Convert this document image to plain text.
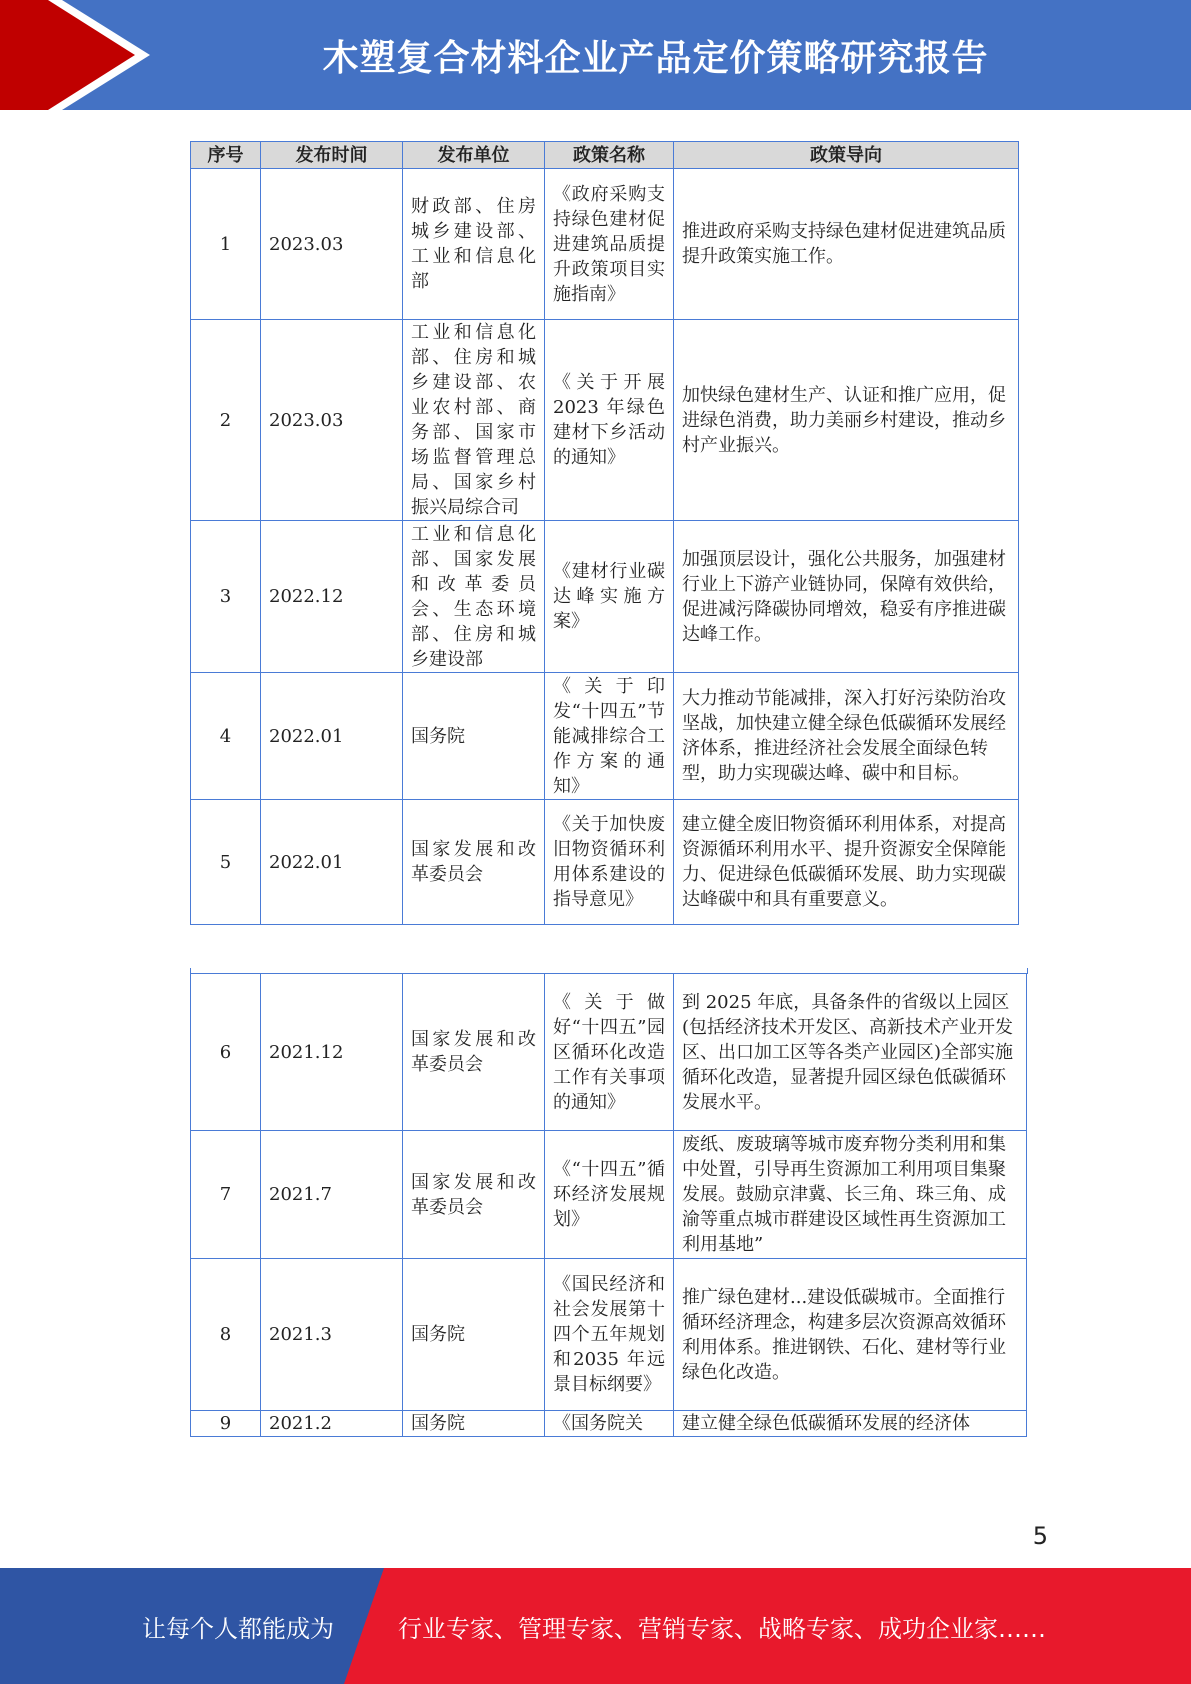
木塑复合材料企业产品定价策略研究报告
序号	发布时间	发布单位	政策名称	政策导向
1	2023.03	财政部、住房城乡建设部、工业和信息化部	《政府采购支持绿色建材促进建筑品质提升政策项目实施指南》	推进政府采购支持绿色建材促进建筑品质提升政策实施工作。
2	2023.03	工业和信息化部、住房和城乡建设部、农业农村部、商务部、国家市场监督管理总局、国家乡村振兴局综合司	《关于开展2023 年绿色建材下乡活动的通知》	加快绿色建材生产、认证和推广应用，促进绿色消费，助力美丽乡村建设，推动乡村产业振兴。
3	2022.12	工业和信息化部、国家发展和改革委员会、生态环境部、住房和城乡建设部	《建材行业碳达峰实施方案》	加强顶层设计，强化公共服务，加强建材行业上下游产业链协同，保障有效供给，促进减污降碳协同增效，稳妥有序推进碳达峰工作。
4	2022.01	国务院	《关于印发“十四五”节能减排综合工作方案的通知》	大力推动节能减排，深入打好污染防治攻坚战，加快建立健全绿色低碳循环发展经济体系，推进经济社会发展全面绿色转型，助力实现碳达峰、碳中和目标。
5	2022.01	国家发展和改革委员会	《关于加快废旧物资循环利用体系建设的指导意见》	建立健全废旧物资循环利用体系，对提高资源循环利用水平、提升资源安全保障能力、促进绿色低碳循环发展、助力实现碳达峰碳中和具有重要意义。
6	2021.12	国家发展和改革委员会	《关于做好“十四五”园区循环化改造工作有关事项的通知》	到 2025 年底，具备条件的省级以上园区(包括经济技术开发区、高新技术产业开发区、出口加工区等各类产业园区)全部实施循环化改造，显著提升园区绿色低碳循环发展水平。
7	2021.7	国家发展和改革委员会	《“十四五”循环经济发展规划》	废纸、废玻璃等城市废弃物分类利用和集中处置，引导再生资源加工利用项目集聚发展。鼓励京津冀、长三角、珠三角、成渝等重点城市群建设区域性再生资源加工利用基地”
8	2021.3	国务院	《国民经济和社会发展第十四个五年规划和2035 年远景目标纲要》	推广绿色建材...建设低碳城市。全面推行循环经济理念，构建多层次资源高效循环利用体系。推进钢铁、石化、建材等行业绿色化改造。
9	2021.2	国务院	《国务院关	建立健全绿色低碳循环发展的经济体
5
让每个人都能成为	行业专家、管理专家、营销专家、战略专家、成功企业家……
